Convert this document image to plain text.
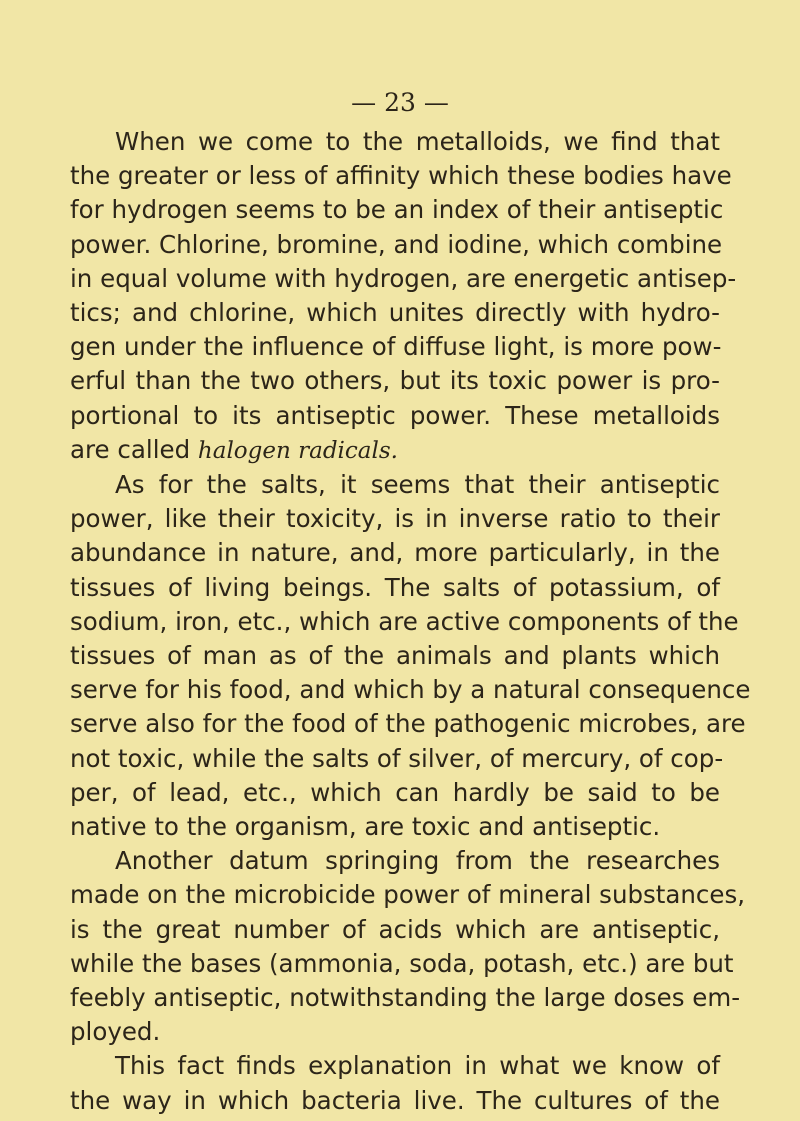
— 23 —
When we come to the metalloids, we find that
the greater or less of affinity which these bodies have
for hydrogen seems to be an index of their antiseptic
power. Chlorine, bromine, and iodine, which combine
in equal volume with hydrogen, are energetic antisep-
tics; and chlorine, which unites directly with hydro-
gen under the influence of diffuse light, is more pow-
erful than the two others, but its toxic power is pro-
portional to its antiseptic power. These metalloids
are called halogen radicals.
As for the salts, it seems that their antiseptic
power, like their toxicity, is in inverse ratio to their
abundance in nature, and, more particularly, in the
tissues of living beings. The salts of potassium, of
sodium, iron, etc., which are active components of the
tissues of man as of the animals and plants which
serve for his food, and which by a natural consequence
serve also for the food of the pathogenic microbes, are
not toxic, while the salts of silver, of mercury, of cop-
per, of lead, etc., which can hardly be said to be
native to the organism, are toxic and antiseptic.
Another datum springing from the researches
made on the microbicide power of mineral substances,
is the great number of acids which are antiseptic,
while the bases (ammonia, soda, potash, etc.) are but
feebly antiseptic, notwithstanding the large doses em-
ployed.
This fact finds explanation in what we know of
the way in which bacteria live. The cultures of the
